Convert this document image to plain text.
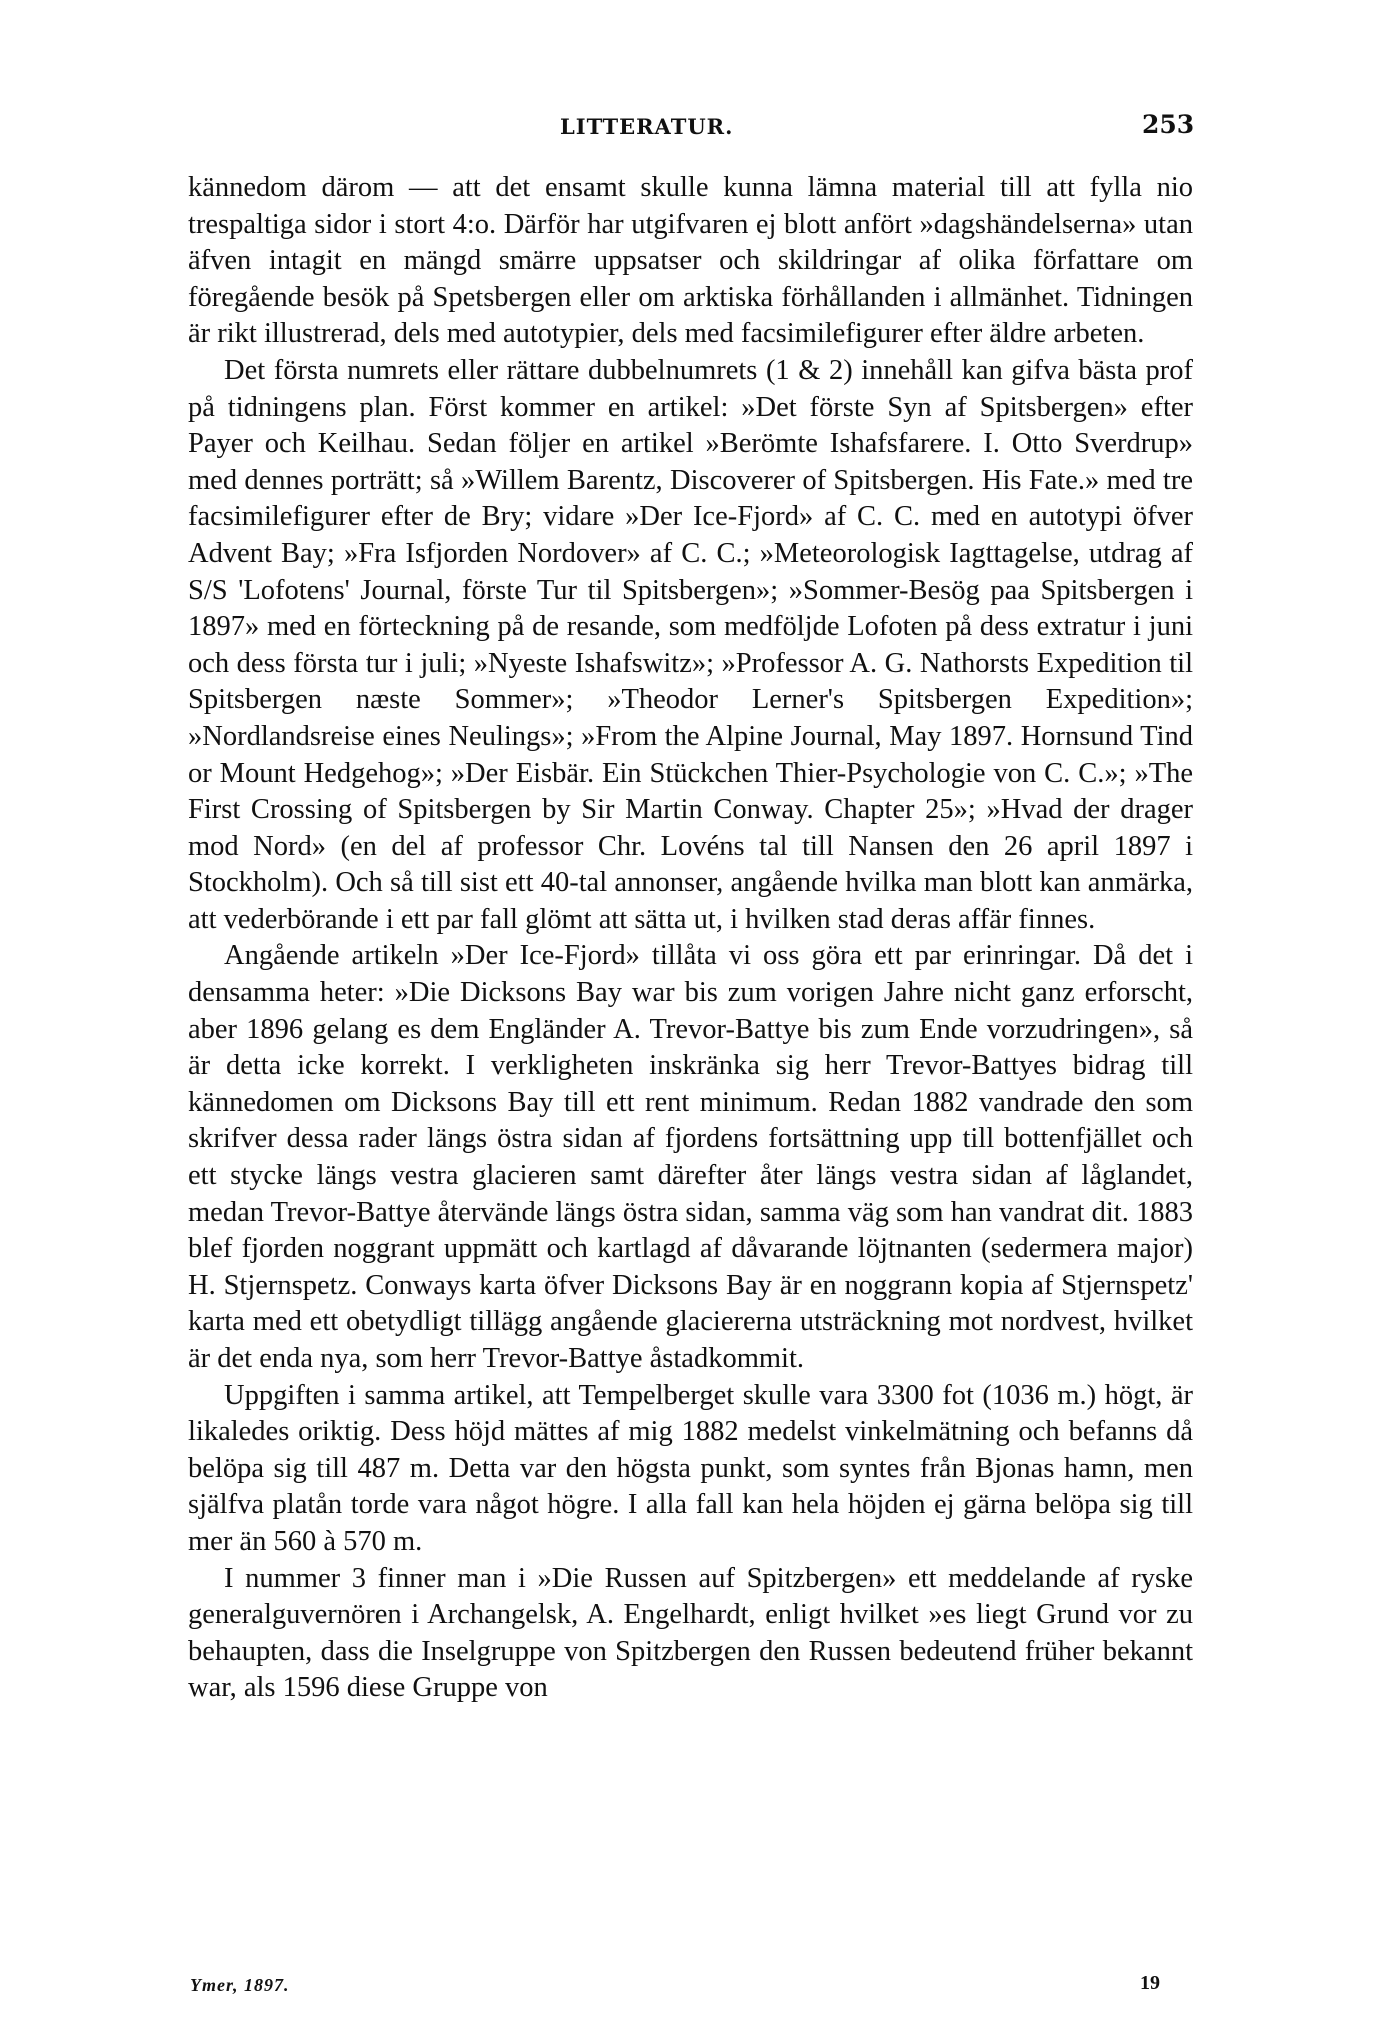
LITTERATUR.	253

kännedom därom — att det ensamt skulle kunna lämna material till att fylla nio trespaltiga sidor i stort 4:o. Därför har utgifvaren ej blott anfört »dagshändelserna» utan äfven intagit en mängd smärre uppsatser och skildringar af olika författare om föregående besök på Spetsbergen eller om arktiska förhållanden i allmänhet. Tidningen är rikt illustrerad, dels med autotypier, dels med facsimilefigurer efter äldre arbeten.

Det första numrets eller rättare dubbelnumrets (1 & 2) innehåll kan gifva bästa prof på tidningens plan. Först kommer en artikel: »Det förste Syn af Spitsbergen» efter Payer och Keilhau. Sedan följer en artikel »Berömte Ishafsfarere. I. Otto Sverdrup» med dennes porträtt; så »Willem Barentz, Discoverer of Spitsbergen. His Fate.» med tre facsimilefigurer efter de Bry; vidare »Der Ice-Fjord» af C. C. med en autotypi öfver Advent Bay; »Fra Isfjorden Nordover» af C. C.; »Meteorologisk Iagttagelse, utdrag af S/S 'Lofotens' Journal, förste Tur til Spitsbergen»; »Sommer-Besög paa Spitsbergen i 1897» med en förteckning på de resande, som medföljde Lofoten på dess extratur i juni och dess första tur i juli; »Nyeste Ishafswitz»; »Professor A. G. Nathorsts Expedition til Spitsbergen næste Sommer»; »Theodor Lerner's Spitsbergen Expedition»; »Nordlandsreise eines Neulings»; »From the Alpine Journal, May 1897. Hornsund Tind or Mount Hedgehog»; »Der Eisbär. Ein Stückchen Thier-Psychologie von C. C.»; »The First Crossing of Spitsbergen by Sir Martin Conway. Chapter 25»; »Hvad der drager mod Nord» (en del af professor Chr. Lovéns tal till Nansen den 26 april 1897 i Stockholm). Och så till sist ett 40-tal annonser, angående hvilka man blott kan anmärka, att vederbörande i ett par fall glömt att sätta ut, i hvilken stad deras affär finnes.

Angående artikeln »Der Ice-Fjord» tillåta vi oss göra ett par erinringar. Då det i densamma heter: »Die Dicksons Bay war bis zum vorigen Jahre nicht ganz erforscht, aber 1896 gelang es dem Engländer A. Trevor-Battye bis zum Ende vorzudringen», så är detta icke korrekt. I verkligheten inskränka sig herr Trevor-Battyes bidrag till kännedomen om Dicksons Bay till ett rent minimum. Redan 1882 vandrade den som skrifver dessa rader längs östra sidan af fjordens fortsättning upp till bottenfjället och ett stycke längs vestra glacieren samt därefter åter längs vestra sidan af låglandet, medan Trevor-Battye återvände längs östra sidan, samma väg som han vandrat dit. 1883 blef fjorden noggrant uppmätt och kartlagd af dåvarande löjtnanten (sedermera major) H. Stjernspetz. Conways karta öfver Dicksons Bay är en noggrann kopia af Stjernspetz' karta med ett obetydligt tillägg angående glaciererna utsträckning mot nordvest, hvilket är det enda nya, som herr Trevor-Battye åstadkommit.

Uppgiften i samma artikel, att Tempelberget skulle vara 3300 fot (1036 m.) högt, är likaledes oriktig. Dess höjd mättes af mig 1882 medelst vinkelmätning och befanns då belöpa sig till 487 m. Detta var den högsta punkt, som syntes från Bjonas hamn, men själfva platån torde vara något högre. I alla fall kan hela höjden ej gärna belöpa sig till mer än 560 à 570 m.

I nummer 3 finner man i »Die Russen auf Spitzbergen» ett meddelande af ryske generalguvernören i Archangelsk, A. Engelhardt, enligt hvilket »es liegt Grund vor zu behaupten, dass die Inselgruppe von Spitzbergen den Russen bedeutend früher bekannt war, als 1596 diese Gruppe von

Ymer, 1897.	19
